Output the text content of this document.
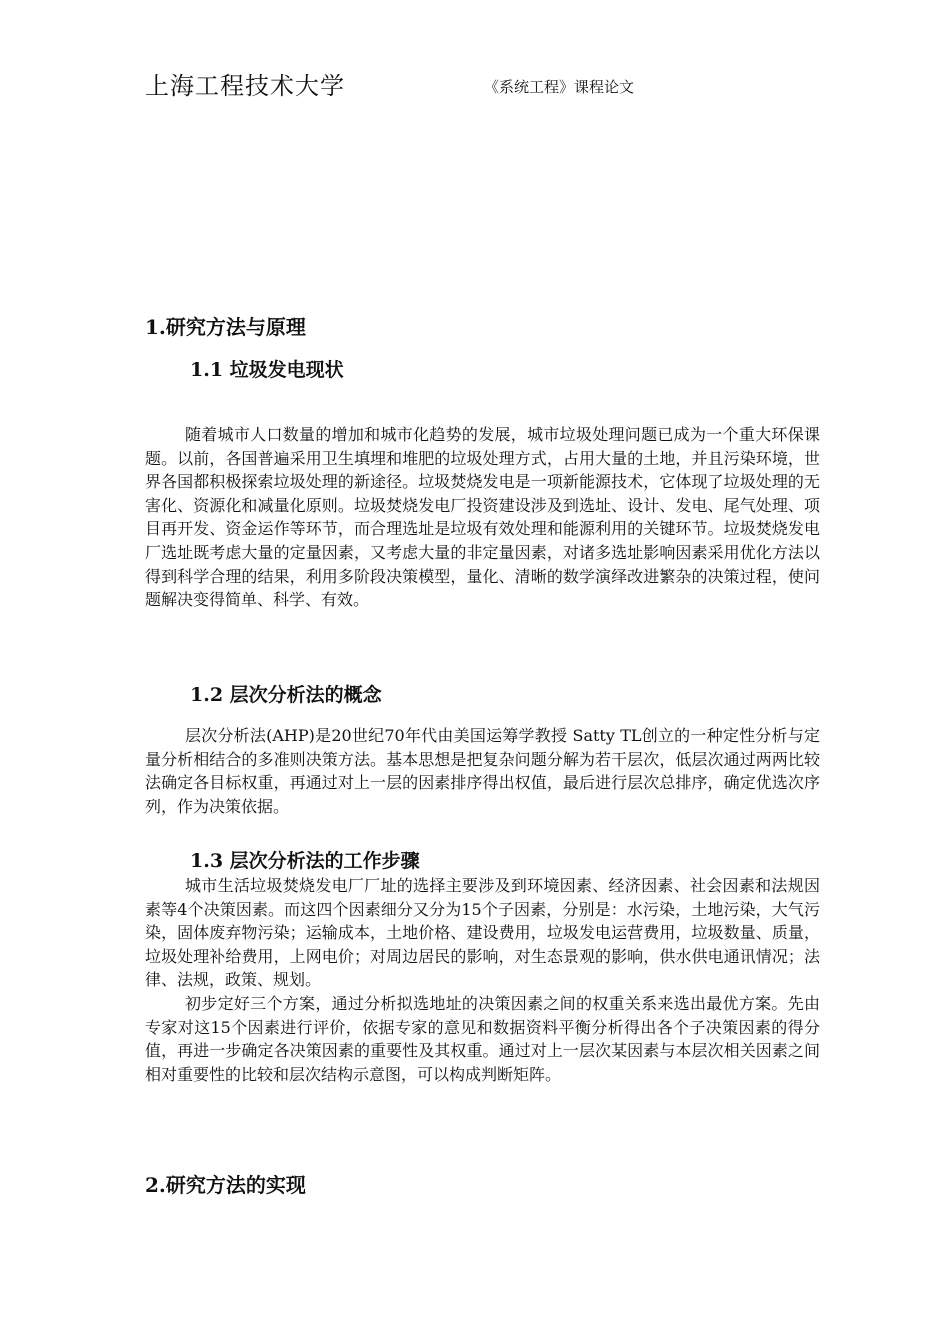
上海工程技术大学	《系统工程》课程论文
1.研究方法与原理
1.1 垃圾发电现状
随着城市人口数量的增加和城市化趋势的发展，城市垃圾处理问题已成为一个重大环保课题。以前，各国普遍采用卫生填埋和堆肥的垃圾处理方式，占用大量的土地，并且污染环境，世界各国都积极探索垃圾处理的新途径。垃圾焚烧发电是一项新能源技术，它体现了垃圾处理的无害化、资源化和减量化原则。垃圾焚烧发电厂投资建设涉及到选址、设计、发电、尾气处理、项目再开发、资金运作等环节，而合理选址是垃圾有效处理和能源利用的关键环节。垃圾焚烧发电厂选址既考虑大量的定量因素，又考虑大量的非定量因素，对诸多选址影响因素采用优化方法以得到科学合理的结果，利用多阶段决策模型，量化、清晰的数学演绎改进繁杂的决策过程，使问题解决变得简单、科学、有效。
1.2 层次分析法的概念
层次分析法(AHP)是20世纪70年代由美国运筹学教授 Satty TL创立的一种定性分析与定量分析相结合的多准则决策方法。基本思想是把复杂问题分解为若干层次，低层次通过两两比较法确定各目标权重，再通过对上一层的因素排序得出权值，最后进行层次总排序，确定优选次序列，作为决策依据。
1.3 层次分析法的工作步骤
城市生活垃圾焚烧发电厂厂址的选择主要涉及到环境因素、经济因素、社会因素和法规因素等4个决策因素。而这四个因素细分又分为15个子因素，分别是：水污染，土地污染，大气污染，固体废弃物污染；运输成本，土地价格、建设费用，垃圾发电运营费用，垃圾数量、质量，垃圾处理补给费用，上网电价；对周边居民的影响，对生态景观的影响，供水供电通讯情况；法律、法规，政策、规划。
初步定好三个方案，通过分析拟选地址的决策因素之间的权重关系来选出最优方案。先由专家对这15个因素进行评价，依据专家的意见和数据资料平衡分析得出各个子决策因素的得分值，再进一步确定各决策因素的重要性及其权重。通过对上一层次某因素与本层次相关因素之间相对重要性的比较和层次结构示意图，可以构成判断矩阵。
2.研究方法的实现
